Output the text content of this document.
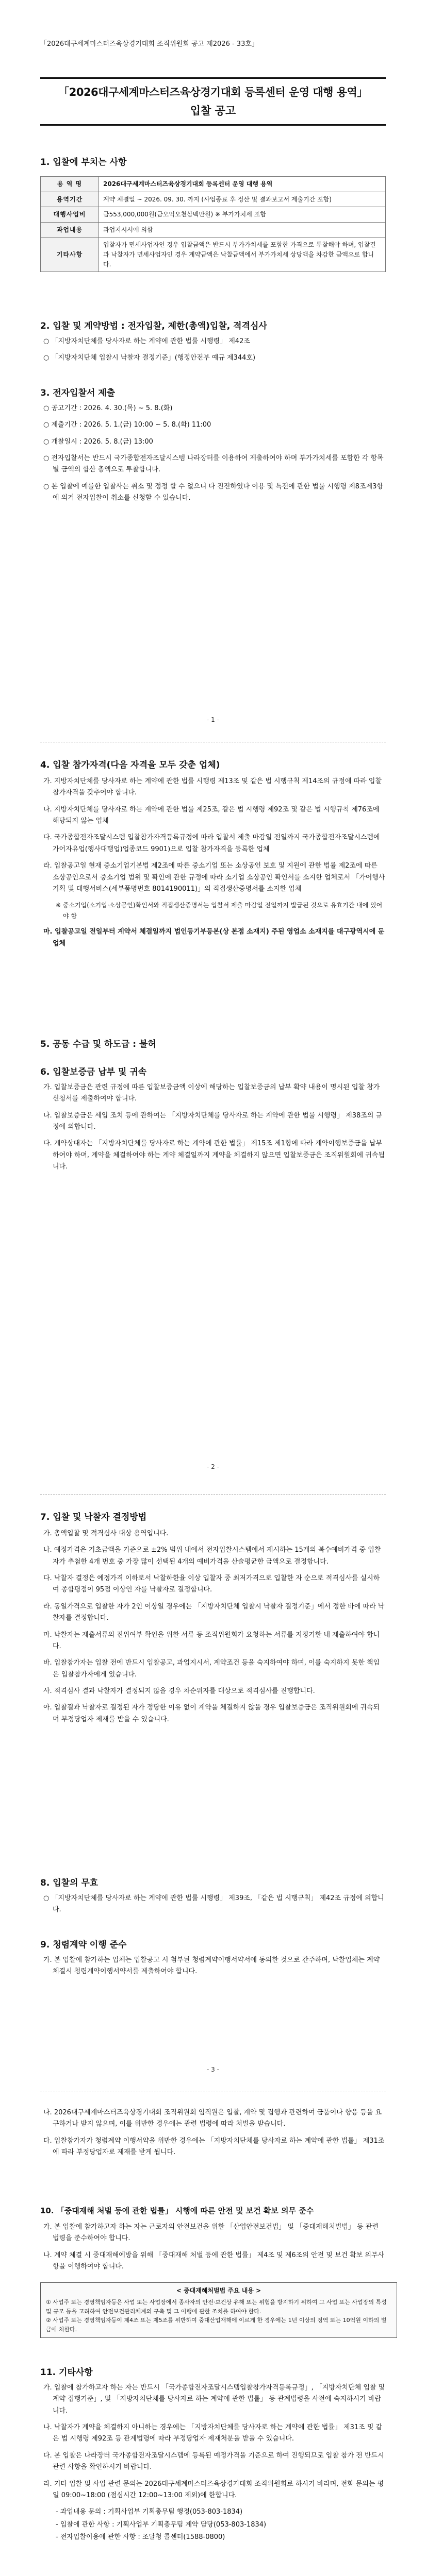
「2026대구세계마스터즈육상경기대회 조직위원회 공고 제2026 - 33호」
「2026대구세계마스터즈육상경기대회 등록센터 운영 대행 용역」
입찰 공고
1. 입찰에 부치는 사항
용 역 명	2026대구세계마스터즈육상경기대회 등록센터 운영 대행 용역
용역기간	계약 체결일 ~ 2026. 09. 30. 까지 (사업종료 후 정산 및 결과보고서 제출기간 포함)
대행사업비	금553,000,000원(금오억오천삼백만원) ※ 부가가치세 포함
과업내용	과업지시서에 의함
기타사항	입찰자가 면세사업자인 경우 입찰금액은 반드시 부가가치세를 포함한 가격으로 투찰해야 하며, 입찰결과 낙찰자가 면세사업자인 경우 계약금액은 낙찰금액에서 부가가치세 상당액을 차감한 금액으로 합니다.
2. 입찰 및 계약방법 : 전자입찰, 제한(총액)입찰, 적격심사

○ 「지방자치단체를 당사자로 하는 계약에 관한 법률 시행령」 제42조

○ 「지방자치단체 입찰시 낙찰자 결정기준」(행정안전부 예규 제344호)

3. 전자입찰서 제출

○ 공고기간 : 2026. 4. 30.(목) ~ 5. 8.(화)

○ 제출기간 : 2026. 5. 1.(금) 10:00 ~ 5. 8.(화) 11:00

○ 개찰일시 : 2026. 5. 8.(금) 13:00

○ 전자입찰서는 반드시 국가종합전자조달시스템 나라장터를 이용하여 제출하여야 하며 부가가치세를 포함한 각 항목별 금액의 합산 총액으로 투찰합니다.

○ 본 입찰에 예를한 입찰사는 취소 및 정정 할 수 없으니 다 진전하였다 이용 및 특전에 관한 법률 시행령 제8조제3항에 의거 전자입찰이 취소를 신청할 수 있습니다.

- 1 -
4. 입찰 참가자격(다음 자격을 모두 갖춘 업체)

가. 지방자치단체를 당사자로 하는 계약에 관한 법률 시행령 제13조 및 같은 법 시행규칙 제14조의 규정에 따라 입찰 참가자격을 갖추어야 합니다.

나. 지방자치단체를 당사자로 하는 계약에 관한 법률 제25조, 같은 법 시행령 제92조 및 같은 법 시행규칙 제76조에 해당되지 않는 업체

다. 국가종합전자조달시스템 입찰참가자격등록규정에 따라 입찰서 제출 마감일 전일까지 국가종합전자조달시스템에 가어자유업(행사대행업)업종코드 9901)으로 입찰 참가자격을 등록한 업체

라. 입찰공고일 현재 중소기업기본법 제2조에 따른 중소기업 또는 소상공인 보호 및 지원에 관한 법률 제2조에 따른 소상공인으로서 중소기업 범위 및 확인에 관한 규정에 따라 소기업 소상공인 확인서를 소지한 업체로서 「가어행사기획 및 대행서비스(세부품명번호 8014190011)」의 직접생산증명서를 소지한 업체

※ 중소기업(소기업·소상공인)확인서와 직접생산증명서는 입찰서 제출 마감일 전일까지 발급된 것으로 유효기간 내에 있어야 함

마. 입찰공고일 전일부터 계약서 체결일까지 법인등기부등본(상 본점 소재지) 주된 영업소 소재지를 대구광역시에 둔 업체

5. 공동 수급 및 하도급 : 불허
6. 입찰보증금 납부 및 귀속

가. 입찰보증금은 관련 규정에 따른 입찰보증금액 이상에 해당하는 입찰보증금의 납부 확약 내용이 명시된 입찰 참가신청서를 제출하여야 합니다.

나. 입찰보증금은 세입 조치 등에 관하여는 「지방자치단체를 당사자로 하는 계약에 관한 법률 시행령」 제38조의 규정에 의합니다.

다. 계약상대자는 「지방자치단체를 당사자로 하는 계약에 관한 법률」 제15조 제1항에 따라 계약이행보증금을 납부하여야 하며, 계약을 체결하여야 하는 계약 체결일까지 계약을 체결하지 않으면 입찰보증금은 조직위원회에 귀속됩니다.

- 2 -
7. 입찰 및 낙찰자 결정방법

가. 총액입찰 및 적격심사 대상 용역입니다.

나. 예정가격은 기초금액을 기준으로 ±2% 범위 내에서 전자입찰시스템에서 제시하는 15개의 복수예비가격 중 입찰자가 추첨한 4개 번호 중 가장 많이 선택된 4개의 예비가격을 산술평균한 금액으로 결정합니다.

다. 낙찰자 결정은 예정가격 이하로서 낙찰하한율 이상 입찰자 중 최저가격으로 입찰한 자 순으로 적격심사를 실시하여 종합평점이 95점 이상인 자를 낙찰자로 결정합니다.

라. 동일가격으로 입찰한 자가 2인 이상일 경우에는 「지방자치단체 입찰시 낙찰자 결정기준」에서 정한 바에 따라 낙찰자를 결정합니다.

마. 낙찰자는 제출서류의 진위여부 확인을 위한 서류 등 조직위원회가 요청하는 서류를 지정기한 내 제출하여야 합니다.

바. 입찰참가자는 입찰 전에 반드시 입찰공고, 과업지시서, 계약조건 등을 숙지하여야 하며, 이를 숙지하지 못한 책임은 입찰참가자에게 있습니다.

사. 적격심사 결과 낙찰자가 결정되지 않을 경우 차순위자를 대상으로 적격심사를 진행합니다.

아. 입찰결과 낙찰자로 결정된 자가 정당한 이유 없이 계약을 체결하지 않을 경우 입찰보증금은 조직위원회에 귀속되며 부정당업자 제재를 받을 수 있습니다.

8. 입찰의 무효

○ 「지방자치단체를 당사자로 하는 계약에 관한 법률 시행령」 제39조, 「같은 법 시행규칙」 제42조 규정에 의합니다.

9. 청렴계약 이행 준수

가. 본 입찰에 참가하는 업체는 입찰공고 시 첨부된 청렴계약이행서약서에 동의한 것으로 간주하며, 낙찰업체는 계약 체결시 청렴계약이행서약서를 제출하여야 합니다.

- 3 -

나. 2026대구세계마스터즈육상경기대회 조직위원회 임직원은 입찰, 계약 및 집행과 관련하여 금품이나 향응 등을 요구하거나 받지 않으며, 이를 위반한 경우에는 관련 법령에 따라 처벌을 받습니다.

다. 입찰참가자가 청렴계약 이행서약을 위반한 경우에는 「지방자치단체를 당사자로 하는 계약에 관한 법률」 제31조에 따라 부정당업자로 제재를 받게 됩니다.

10. 「중대재해 처벌 등에 관한 법률」 시행에 따른 안전 및 보건 확보 의무 준수

가. 본 입찰에 참가하고자 하는 자는 근로자의 안전보건을 위한 「산업안전보건법」 및 「중대재해처벌법」 등 관련 법령을 준수하여야 합니다.

나. 계약 체결 시 중대재해예방을 위해 「중대재해 처벌 등에 관한 법률」 제4조 및 제6조의 안전 및 보건 확보 의무사항을 이행하여야 합니다.

< 중대재해처벌법 주요 내용 >
① 사업주 또는 경영책임자등은 사업 또는 사업장에서 종사자의 안전·보건상 유해 또는 위험을 방지하기 위하여 그 사업 또는 사업장의 특성 및 규모 등을 고려하여 안전보건관리체계의 구축 및 그 이행에 관한 조치를 하여야 한다.
② 사업주 또는 경영책임자등이 제4조 또는 제5조를 위반하여 중대산업재해에 이르게 한 경우에는 1년 이상의 징역 또는 10억원 이하의 벌금에 처한다.
11. 기타사항

가. 입찰에 참가하고자 하는 자는 반드시 「국가종합전자조달시스템입찰참가자격등록규정」, 「지방자치단체 입찰 및 계약 집행기준」, 및 「지방자치단체를 당사자로 하는 계약에 관한 법률」 등 관계법령을 사전에 숙지하시기 바랍니다.

나. 낙찰자가 계약을 체결하지 아니하는 경우에는 「지방자치단체를 당사자로 하는 계약에 관한 법률」 제31조 및 같은 법 시행령 제92조 등 관계법령에 따라 부정당업자 제재처분을 받을 수 있습니다.

다. 본 입찰은 나라장터 국가종합전자조달시스템에 등록된 예정가격을 기준으로 하여 진행되므로 입찰 참가 전 반드시 관련 사항을 확인하시기 바랍니다.

라. 기타 입찰 및 사업 관련 문의는 2026대구세계마스터즈육상경기대회 조직위원회로 하시기 바라며, 전화 문의는 평일 09:00~18:00 (점심시간 12:00~13:00 제외)에 한합니다.

- 과업내용 문의 : 기획사업부 기획총무팀 행정(053-803-1834)

- 입찰에 관한 사항 : 기획사업부 기획총무팀 계약 담당(053-803-1834)

- 전자입찰이용에 관한 사항 : 조달청 콜센터(1588-0800)
